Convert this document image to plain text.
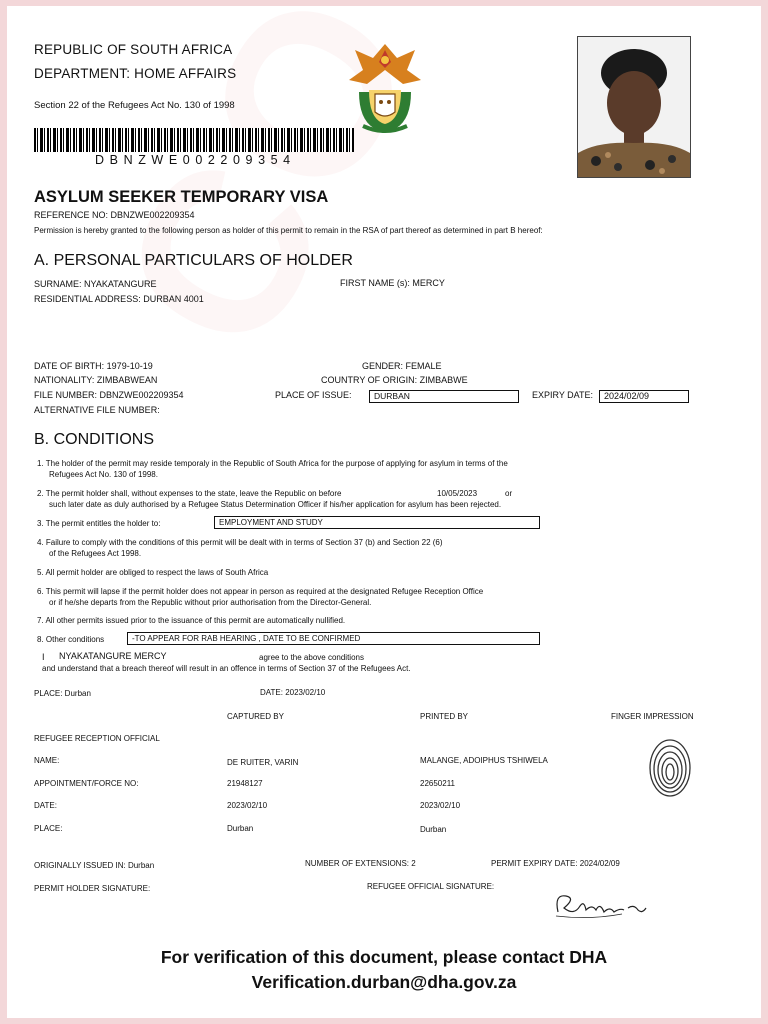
REPUBLIC OF SOUTH AFRICA
DEPARTMENT: HOME AFFAIRS
Section 22 of the Refugees Act No. 130 of 1998
DBNZWE002209354
ASYLUM SEEKER TEMPORARY VISA
REFERENCE NO: DBNZWE002209354
Permission is hereby granted to the following person as holder of this permit to remain in the RSA of part thereof as determined in part B hereof:
A. PERSONAL PARTICULARS OF HOLDER
SURNAME: NYAKATANGURE	FIRST NAME (s): MERCY
RESIDENTIAL ADDRESS: DURBAN 4001
DATE OF BIRTH: 1979-10-19	GENDER: FEMALE
NATIONALITY: ZIMBABWEAN	COUNTRY OF ORIGIN: ZIMBABWE
FILE NUMBER: DBNZWE002209354	PLACE OF ISSUE:	DURBAN	EXPIRY DATE:	2024/02/09
ALTERNATIVE FILE NUMBER:
B. CONDITIONS
1. The holder of the permit may reside temporaly in the Republic of South Africa for the purpose of applying for asylum in terms of the
Refugees Act No. 130 of 1998.
2. The permit holder shall, without expenses to the state, leave the Republic on before	10/05/2023	or
such later date as duly authorised by a Refugee Status Determination Officer if his/her application for asylum has been rejected.
3. The permit entitles the holder to:	EMPLOYMENT AND STUDY
4. Failure to comply with the conditions of this permit will be dealt with in terms of Section 37 (b) and Section 22 (6)
of the Refugees Act 1998.
5. All permit holder are obliged to respect the laws of South Africa
6. This permit will lapse if the permit holder does not appear in person as required at the designated Refugee Reception Office
or if he/she departs from the Republic without prior authorisation from the Director-General.
7. All other permits issued prior to the issuance of this permit are automatically nullified.
8. Other conditions	-TO APPEAR FOR RAB HEARING , DATE TO BE CONFIRMED
I NYAKATANGURE MERCY	agree to the above conditions
and understand that a breach thereof will result in an offence in terms of Section 37 of the Refugees Act.
PLACE: Durban	DATE: 2023/02/10
CAPTURED BY	PRINTED BY	FINGER IMPRESSION
REFUGEE RECEPTION OFFICIAL
NAME:	DE RUITER, VARIN	MALANGE, ADOIPHUS TSHIWELA
APPOINTMENT/FORCE NO:	21948127	22650211
DATE:	2023/02/10	2023/02/10
PLACE:	Durban	Durban
ORIGINALLY ISSUED IN: Durban	NUMBER OF EXTENSIONS: 2	PERMIT EXPIRY DATE: 2024/02/09
PERMIT HOLDER SIGNATURE:	REFUGEE OFFICIAL SIGNATURE:
For verification of this document, please contact DHA
Verification.durban@dha.gov.za
